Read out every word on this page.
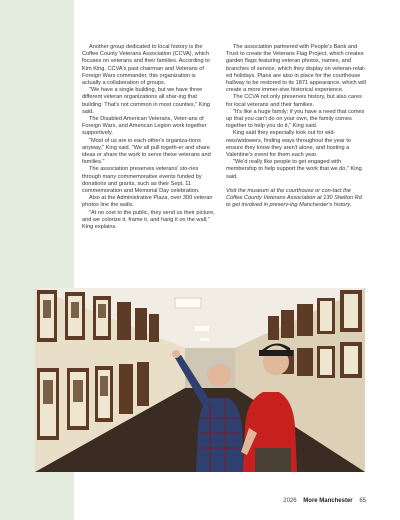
Another group dedicated to local history is the Coffee County Veterans Association (CCVA), which focuses on veterans and their families. According to Kim King, CCVA's past chairman and Veterans of Foreign Wars commander, this organization is actually a collaboration of groups.

"We have a single building, but we have three different veteran organizations all shar-ing that building. That's not common in most counties," King said.

The Disabled American Veterans, Veter-ans of Foreign Wars, and American Legion work together supportively.

"Most of us are in each other's organiza-tions anyway," King said. "We all pull togeth-er and share ideas or share the work to serve these veterans and families."

The association preserves veterans' sto-ries through many commemorative events funded by donations and grants, such as their Sept. 11 commemoration and Memorial Day celebration.

Also at the Administrative Plaza, over 300 veteran photos line the walls.

"At no cost to the public, they send us their picture, and we colorize it, frame it, and hang it on the wall," King explains.

The association partnered with People's Bank and Trust to create the Veterans Flag Project, which creates garden flags featuring veteran photos, names, and branches of service, which they display on veteran-relat-ed holidays. Plans are also in place for the courthouse hallway to be restored to its 1871 appearance, which will create a more immer-sive historical experience.

The CCVA not only preserves history, but also cares for local veterans and their families.

"It's like a huge family: if you have a need that comes up that you can't do on your own, the family comes together to help you do it," King said.

King said they especially look out for wid-ows/widowers, finding ways throughout the year to ensure they know they aren't alone, and hosting a Valentine's event for them each year.

"We'd really like people to get engaged with membership to help support the work that we do," King said.

Visit the museum at the courthouse or con-tact the Coffee County Veterans Association at 130 Shelton Rd. to get involved in preserv-ing Manchester's history.

2026 More Manchester 65
